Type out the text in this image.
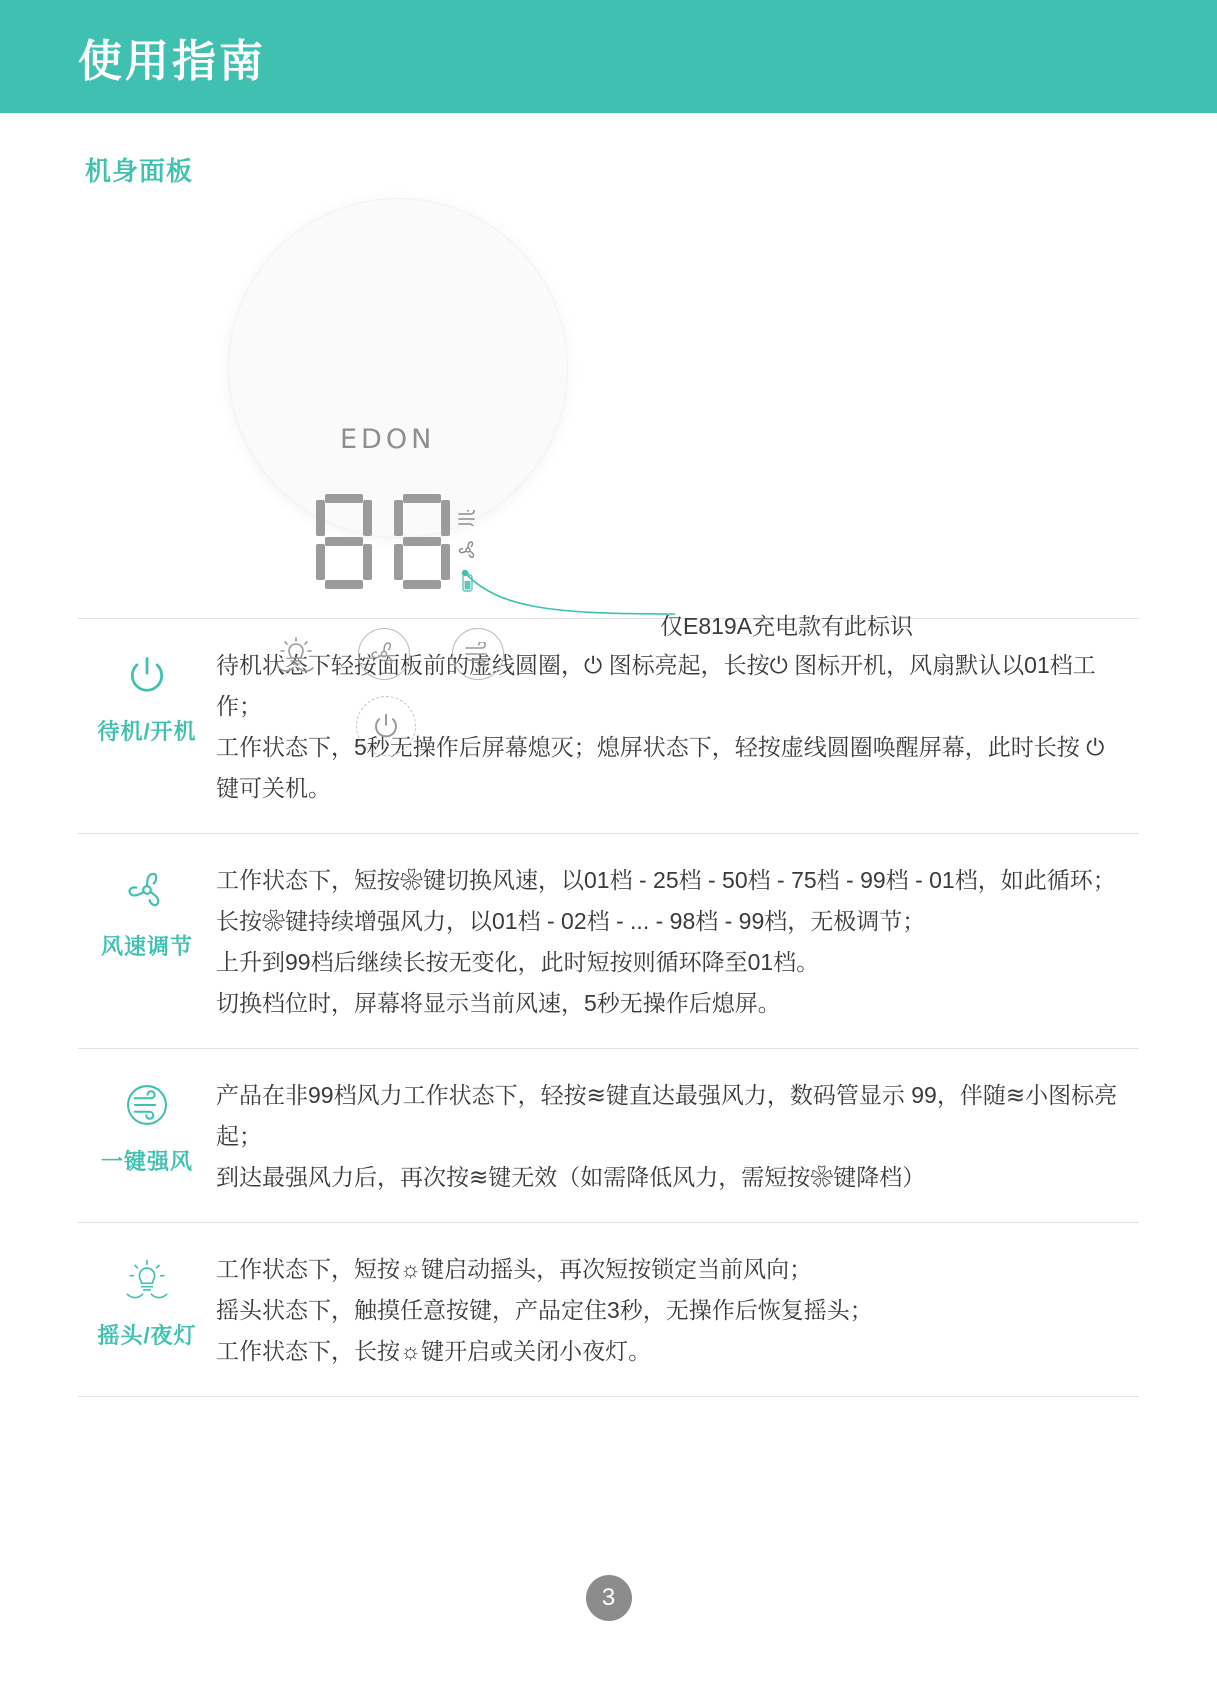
使用指南
机身面板
EDON
仅E819A充电款有此标识
待机/开机

待机状态下轻按面板前的虚线圆圈，⏻ 图标亮起，长按⏻ 图标开机，风扇默认以01档工作；

工作状态下，5秒无操作后屏幕熄灭；熄屏状态下，轻按虚线圆圈唤醒屏幕，此时长按 ⏻ 键可关机。

风速调节

工作状态下，短按❀键切换风速，以01档 - 25档 - 50档 - 75档 - 99档 - 01档，如此循环；

长按❀键持续增强风力，以01档 - 02档 - ... - 98档 - 99档，无极调节；

上升到99档后继续长按无变化，此时短按则循环降至01档。

切换档位时，屏幕将显示当前风速，5秒无操作后熄屏。

一键强风

产品在非99档风力工作状态下，轻按≋键直达最强风力，数码管显示 99，伴随≋小图标亮起；

到达最强风力后，再次按≋键无效（如需降低风力，需短按❀键降档）

摇头/夜灯

工作状态下，短按☼键启动摇头，再次短按锁定当前风向；

摇头状态下，触摸任意按键，产品定住3秒，无操作后恢复摇头；

工作状态下，长按☼键开启或关闭小夜灯。

3
